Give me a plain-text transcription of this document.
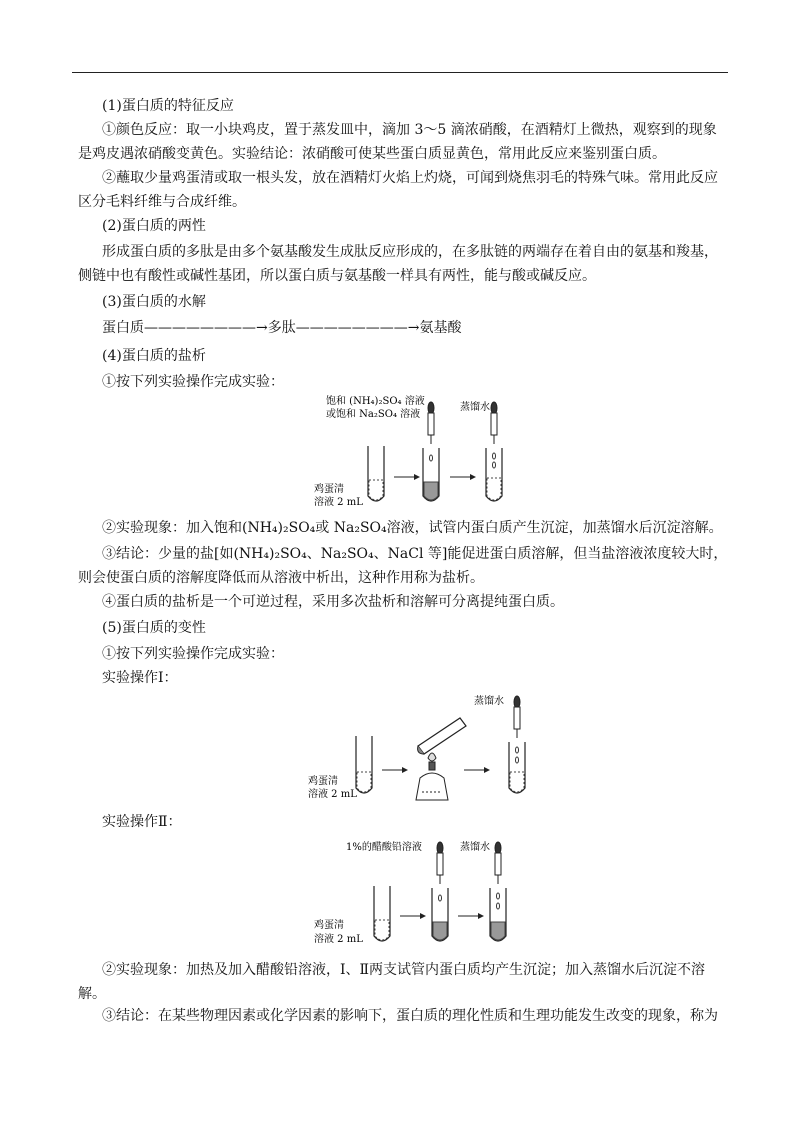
(1)蛋白质的特征反应

①颜色反应：取一小块鸡皮，置于蒸发皿中，滴加 3～5 滴浓硝酸，在酒精灯上微热，观察到的现象是鸡皮遇浓硝酸变黄色。实验结论：浓硝酸可使某些蛋白质显黄色，常用此反应来鉴别蛋白质。

②蘸取少量鸡蛋清或取一根头发，放在酒精灯火焰上灼烧，可闻到烧焦羽毛的特殊气味。常用此反应区分毛料纤维与合成纤维。

(2)蛋白质的两性

形成蛋白质的多肽是由多个氨基酸发生成肽反应形成的，在多肽链的两端存在着自由的氨基和羧基，侧链中也有酸性或碱性基团，所以蛋白质与氨基酸一样具有两性，能与酸或碱反应。

(3)蛋白质的水解

蛋白质————————→多肽————————→氨基酸

(4)蛋白质的盐析

①按下列实验操作完成实验：

饱和 (NH₄)₂SO₄ 溶液
或饱和 Na₂SO₄ 溶液
蒸馏水
鸡蛋清
溶液 2 mL

②实验现象：加入饱和(NH₄)₂SO₄或 Na₂SO₄溶液，试管内蛋白质产生沉淀，加蒸馏水后沉淀溶解。

③结论：少量的盐[如(NH₄)₂SO₄、Na₂SO₄、NaCl 等]能促进蛋白质溶解，但当盐溶液浓度较大时，则会使蛋白质的溶解度降低而从溶液中析出，这种作用称为盐析。

④蛋白质的盐析是一个可逆过程，采用多次盐析和溶解可分离提纯蛋白质。

(5)蛋白质的变性

①按下列实验操作完成实验：

实验操作Ⅰ：

蒸馏水
鸡蛋清
溶液 2 mL

实验操作Ⅱ：

1%的醋酸铅溶液	蒸馏水
鸡蛋清
溶液 2 mL

②实验现象：加热及加入醋酸铅溶液，Ⅰ、Ⅱ两支试管内蛋白质均产生沉淀；加入蒸馏水后沉淀不溶解。

③结论：在某些物理因素或化学因素的影响下，蛋白质的理化性质和生理功能发生改变的现象，称为
